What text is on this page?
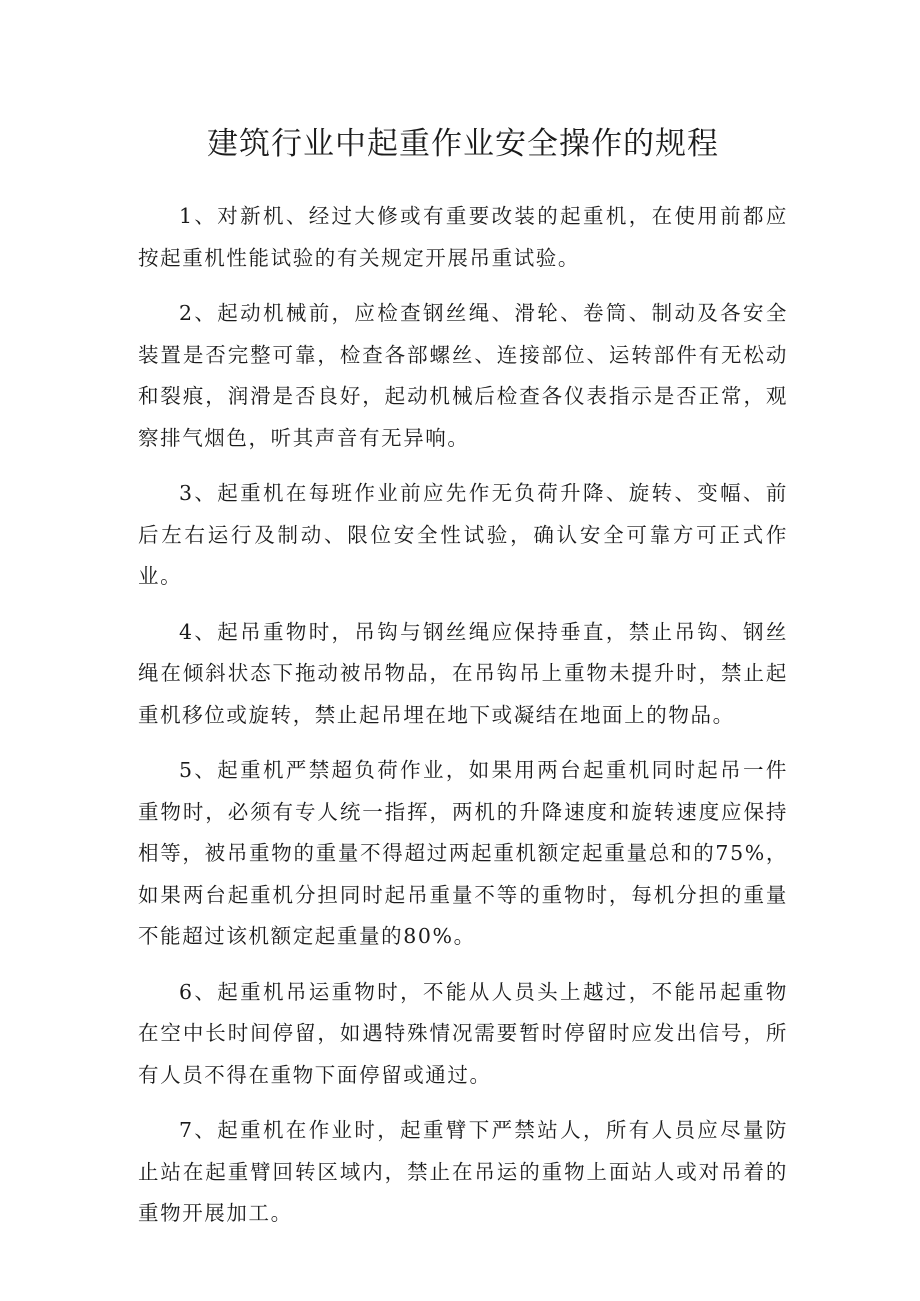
建筑行业中起重作业安全操作的规程

1、对新机、经过大修或有重要改装的起重机，在使用前都应按起重机性能试验的有关规定开展吊重试验。

2、起动机械前，应检查钢丝绳、滑轮、卷筒、制动及各安全装置是否完整可靠，检查各部螺丝、连接部位、运转部件有无松动和裂痕，润滑是否良好，起动机械后检查各仪表指示是否正常，观察排气烟色，听其声音有无异响。

3、起重机在每班作业前应先作无负荷升降、旋转、变幅、前后左右运行及制动、限位安全性试验，确认安全可靠方可正式作业。

4、起吊重物时，吊钩与钢丝绳应保持垂直，禁止吊钩、钢丝绳在倾斜状态下拖动被吊物品，在吊钩吊上重物未提升时，禁止起重机移位或旋转，禁止起吊埋在地下或凝结在地面上的物品。

5、起重机严禁超负荷作业，如果用两台起重机同时起吊一件重物时，必须有专人统一指挥，两机的升降速度和旋转速度应保持相等，被吊重物的重量不得超过两起重机额定起重量总和的75%，如果两台起重机分担同时起吊重量不等的重物时，每机分担的重量不能超过该机额定起重量的80%。

6、起重机吊运重物时，不能从人员头上越过，不能吊起重物在空中长时间停留，如遇特殊情况需要暂时停留时应发出信号，所有人员不得在重物下面停留或通过。

7、起重机在作业时，起重臂下严禁站人，所有人员应尽量防止站在起重臂回转区域内，禁止在吊运的重物上面站人或对吊着的重物开展加工。
